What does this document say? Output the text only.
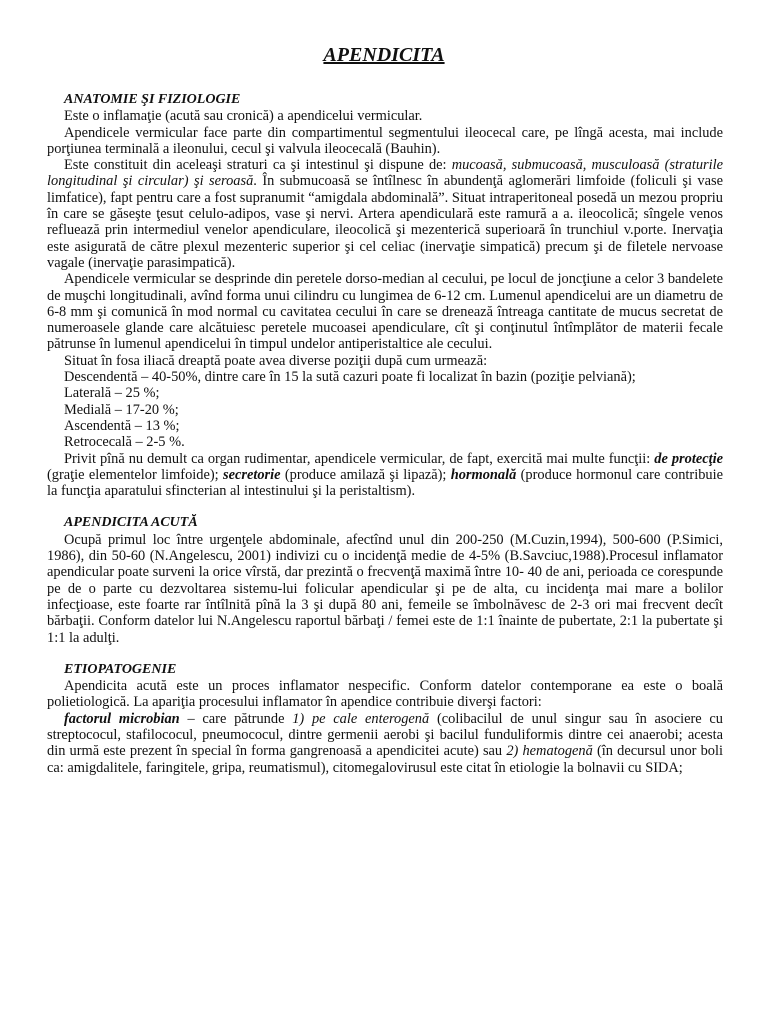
APENDICITA

ANATOMIE ŞI FIZIOLOGIE

Este o inflamaţie (acută sau cronică) a apendicelui vermicular.

Apendicele vermicular face parte din compartimentul segmentului ileocecal care, pe lîngă acesta, mai include porţiunea terminală a ileonului, cecul şi valvula ileocecală (Bauhin).

Este constituit din aceleaşi straturi ca şi intestinul şi dispune de: mucoasă, submucoasă, musculoasă (straturile longitudinal şi circular) şi seroasă. În submucoasă se întîlnesc în abundenţă aglomerări limfoide (foliculi şi vase limfatice), fapt pentru care a fost supranumit “amigdala abdominală”. Situat intraperitoneal posedă un mezou propriu în care se găseşte ţesut celulo-adipos, vase şi nervi. Artera apendiculară este ramură a a. ileocolică; sîngele venos refluează prin intermediul venelor apendiculare, ileocolică şi mezenterică superioară în trunchiul v.porte. Inervaţia este asigurată de către plexul mezenteric superior şi cel celiac (inervaţie simpatică) precum şi de filetele nervoase vagale (inervaţie parasimpatică).

Apendicele vermicular se desprinde din peretele dorso-median al cecului, pe locul de joncţiune a celor 3 bandelete de muşchi longitudinali, avînd forma unui cilindru cu lungimea de 6-12 cm. Lumenul apendicelui are un diametru de 6-8 mm şi comunică în mod normal cu cavitatea cecului în care se drenează întreaga cantitate de mucus secretat de numeroasele glande care alcătuiesc peretele mucoasei apendiculare, cît şi conţinutul întîmplător de materii fecale pătrunse în lumenul apendicelui în timpul undelor antiperistaltice ale cecului.

Situat în fosa iliacă dreaptă poate avea diverse poziţii după cum urmează:

Descendentă – 40-50%, dintre care în 15 la sută cazuri poate fi localizat în bazin (poziţie pelviană);

Laterală – 25 %;

Medială – 17-20 %;

Ascendentă – 13 %;

Retrocecală – 2-5 %.

Privit pînă nu demult ca organ rudimentar, apendicele vermicular, de fapt, exercită mai multe funcţii: de protecţie (graţie elementelor limfoide); secretorie (produce amilază şi lipază); hormonală (produce hormonul care contribuie la funcţia aparatului sfincterian al intestinului şi la peristaltism).

APENDICITA ACUTĂ

Ocupă primul loc între urgenţele abdominale, afectînd unul din 200-250 (M.Cuzin,1994), 500-600 (P.Simici, 1986), din 50-60 (N.Angelescu, 2001) indivizi cu o incidenţă medie de 4-5% (B.Savciuc,1988).Procesul inflamator apendicular poate surveni la orice vîrstă, dar prezintă o frecvenţă maximă între 10- 40 de ani, perioada ce corespunde pe de o parte cu dezvoltarea sistemu-lui folicular apendicular şi pe de alta, cu incidenţa mai mare a bolilor infecţioase, este foarte rar întîlnită pînă la 3 şi după 80 ani, femeile se îmbolnăvesc de 2-3 ori mai frecvent decît bărbaţii. Conform datelor lui N.Angelescu raportul bărbaţi / femei este de 1:1 înainte de pubertate, 2:1 la pubertate şi 1:1 la adulţi.

ETIOPATOGENIE

Apendicita acută este un proces inflamator nespecific. Conform datelor contemporane ea este o boală polietiologică. La apariţia procesului inflamator în apendice contribuie diverşi factori:

factorul microbian – care pătrunde 1) pe cale enterogenă (colibacilul de unul singur sau în asociere cu streptococul, stafilococul, pneumococul, dintre germenii aerobi şi bacilul funduliformis dintre cei anaerobi; acesta din urmă este prezent în special în forma gangrenoasă a apendicitei acute) sau 2) hematogenă (în decursul unor boli ca: amigdalitele, faringitele, gripa, reumatismul), citomegalovirusul este citat în etiologie la bolnavii cu SIDA;
